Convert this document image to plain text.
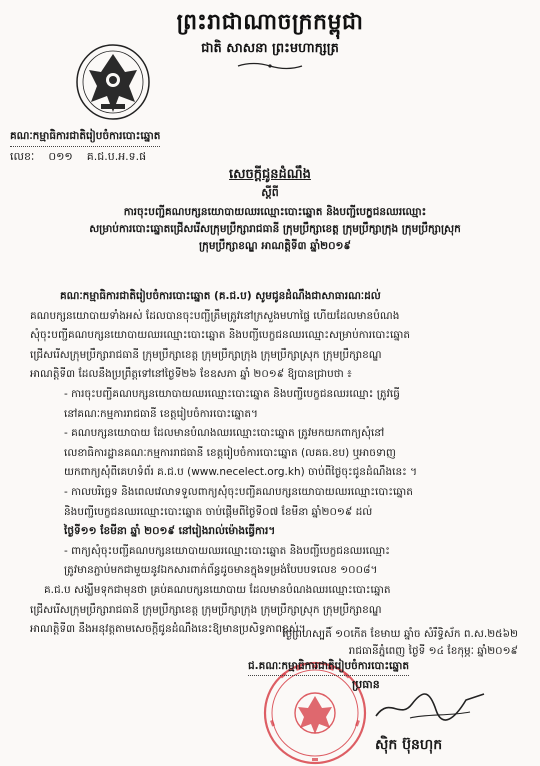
ព្រះរាជាណាចក្រកម្ពុជា
ជាតិ សាសនា ព្រះមហាក្សត្រ
គណៈកម្មាធិការជាតិរៀបចំការបោះឆ្នោត
លេខៈ ០១១ គ.ជ.ប.អ.ទ.ផ
សេចក្តីជូនដំណឹង
ស្តីពី
ការចុះបញ្ជីគណបក្សនយោបាយឈរឈ្មោះបោះឆ្នោត និងបញ្ជីបេក្ខជនឈរឈ្មោះ
សម្រាប់ការបោះឆ្នោតជ្រើសរើសក្រុមប្រឹក្សារាជធានី ក្រុមប្រឹក្សាខេត្ត ក្រុមប្រឹក្សាក្រុង ក្រុមប្រឹក្សាស្រុក
ក្រុមប្រឹក្សាខណ្ឌ អាណត្តិទី៣ ឆ្នាំ២០១៩
គណៈកម្មាធិការជាតិរៀបចំការបោះឆ្នោត (គ.ជ.ប) សូមជូនដំណឹងជាសាធារណៈដល់
គណបក្សនយោបាយទាំងអស់ ដែលបានចុះបញ្ជីត្រឹមត្រូវនៅក្រសួងមហាផ្ទៃ ហើយដែលមានបំណង
សុំចុះបញ្ជីគណបក្សនយោបាយឈរឈ្មោះបោះឆ្នោត និងបញ្ជីបេក្ខជនឈរឈ្មោះសម្រាប់ការបោះឆ្នោត
ជ្រើសរើសក្រុមប្រឹក្សារាជធានី ក្រុមប្រឹក្សាខេត្ត ក្រុមប្រឹក្សាក្រុង ក្រុមប្រឹក្សាស្រុក ក្រុមប្រឹក្សាខណ្ឌ
អាណត្តិទី៣ ដែលនឹងប្រព្រឹត្តទៅនៅថ្ងៃទី២៦ ខែឧសភា ឆ្នាំ ២០១៩ ឱ្យបានជ្រាបថា ៖
- ការចុះបញ្ជីគណបក្សនយោបាយឈរឈ្មោះបោះឆ្នោត និងបញ្ជីបេក្ខជនឈរឈ្មោះ ត្រូវធ្វើ
នៅគណៈកម្មការរាជធានី ខេត្តរៀបចំការបោះឆ្នោត។
- គណបក្សនយោបាយ ដែលមានបំណងឈរឈ្មោះបោះឆ្នោត ត្រូវមកយកពាក្យសុំនៅ
លេខាធិការដ្ឋានគណៈកម្មការរាជធានី ខេត្តរៀបចំការបោះឆ្នោត (លគធ.ខប) ឬអាចទាញ
យកពាក្យសុំពីគេហទំព័រ គ.ជ.ប (www.necelect.org.kh) ចាប់ពីថ្ងៃចុះជូនដំណឹងនេះ ។
- កាលបរិច្ឆេទ និងពេលវេលាទទួលពាក្យសុំចុះបញ្ជីគណបក្សនយោបាយឈរឈ្មោះបោះឆ្នោត
និងបញ្ជីបេក្ខជនឈរឈ្មោះបោះឆ្នោត ចាប់ផ្តើមពីថ្ងៃទី០៧ ខែមីនា ឆ្នាំ២០១៩ ដល់
ថ្ងៃទី១១ ខែមីនា ឆ្នាំ ២០១៩ នៅរៀងរាល់ម៉ោងធ្វើការ។
- ពាក្យសុំចុះបញ្ជីគណបក្សនយោបាយឈរឈ្មោះបោះឆ្នោត និងបញ្ជីបេក្ខជនឈរឈ្មោះ
ត្រូវមានភ្ជាប់មកជាមួយនូវឯកសារពាក់ព័ន្ធដូចមានក្នុងទម្រង់បែបបទលេខ ១០០៨។
គ.ជ.ប សង្ឃឹមទុកជាមុនថា គ្រប់គណបក្សនយោបាយ ដែលមានបំណងឈរឈ្មោះបោះឆ្នោត
ជ្រើសរើសក្រុមប្រឹក្សារាជធានី ក្រុមប្រឹក្សាខេត្ត ក្រុមប្រឹក្សាក្រុង ក្រុមប្រឹក្សាស្រុក ក្រុមប្រឹក្សាខណ្ឌ
អាណត្តិទី៣ នឹងអនុវត្តតាមសេចក្តីជូនដំណឹងនេះឱ្យមានប្រសិទ្ធភាពខ្ពស់។
ថ្ងៃព្រហស្បតិ៍ ១០កើត ខែមាឃ ឆ្នាំច សំរឹទ្ធិស័ក ព.ស.២៥៦២
រាជធានីភ្នំពេញ ថ្ងៃទី ១៤ ខែកុម្ភៈ ឆ្នាំ២០១៩
ជ.គណៈកម្មាធិការជាតិរៀបចំការបោះឆ្នោត
ប្រធាន
ស៊ិក ប៊ុនហុក
